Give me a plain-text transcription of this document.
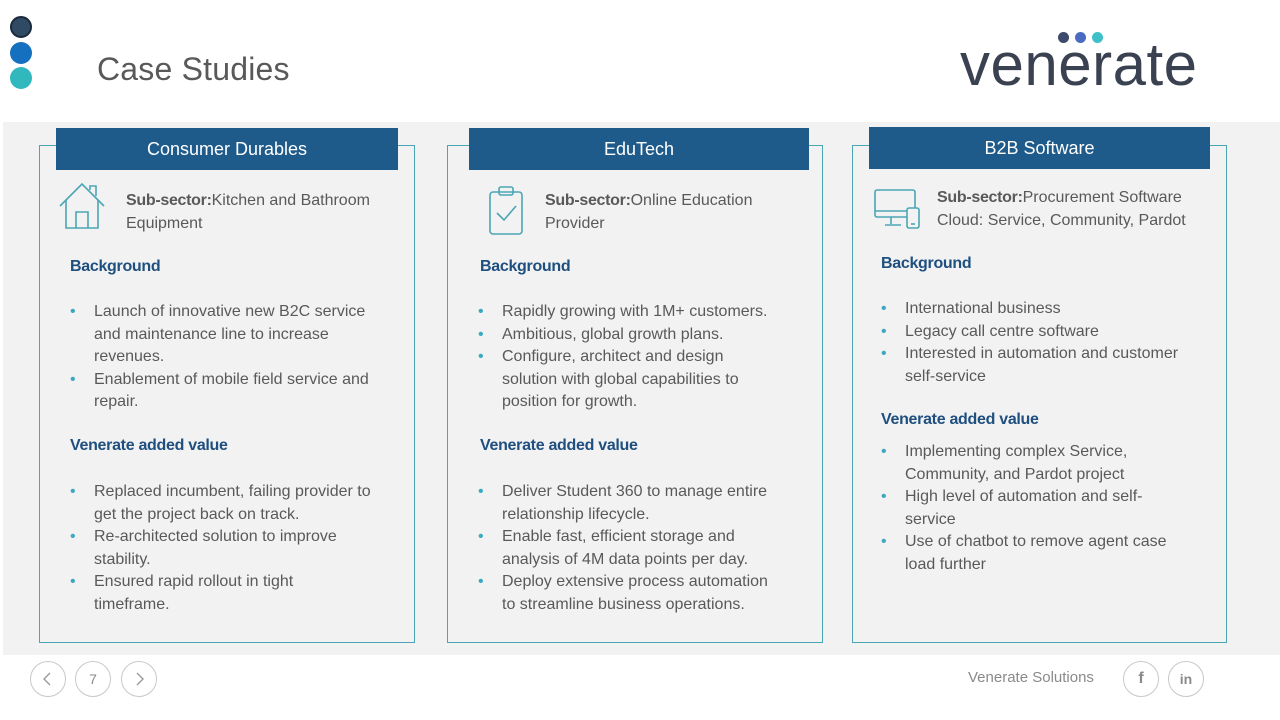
Case Studies	venerate
Consumer Durables
Sub-sector:Kitchen and Bathroom
Equipment
Background
• Launch of innovative new B2C service
and maintenance line to increase
revenues.
• Enablement of mobile field service and
repair.
Venerate added value
• Replaced incumbent, failing provider to
get the project back on track.
• Re-architected solution to improve
stability.
• Ensured rapid rollout in tight
timeframe.
EduTech
Sub-sector:Online Education
Provider
Background
• Rapidly growing with 1M+ customers.
• Ambitious, global growth plans.
• Configure, architect and design
solution with global capabilities to
position for growth.
Venerate added value
• Deliver Student 360 to manage entire
relationship lifecycle.
• Enable fast, efficient storage and
analysis of 4M data points per day.
• Deploy extensive process automation
to streamline business operations.
B2B Software
Sub-sector:Procurement Software
Cloud: Service, Community, Pardot
Background
• International business
• Legacy call centre software
• Interested in automation and customer
self-service
Venerate added value
• Implementing complex Service,
Community, and Pardot project
• High level of automation and self-
service
• Use of chatbot to remove agent case
load further
7	Venerate Solutions	f	in
